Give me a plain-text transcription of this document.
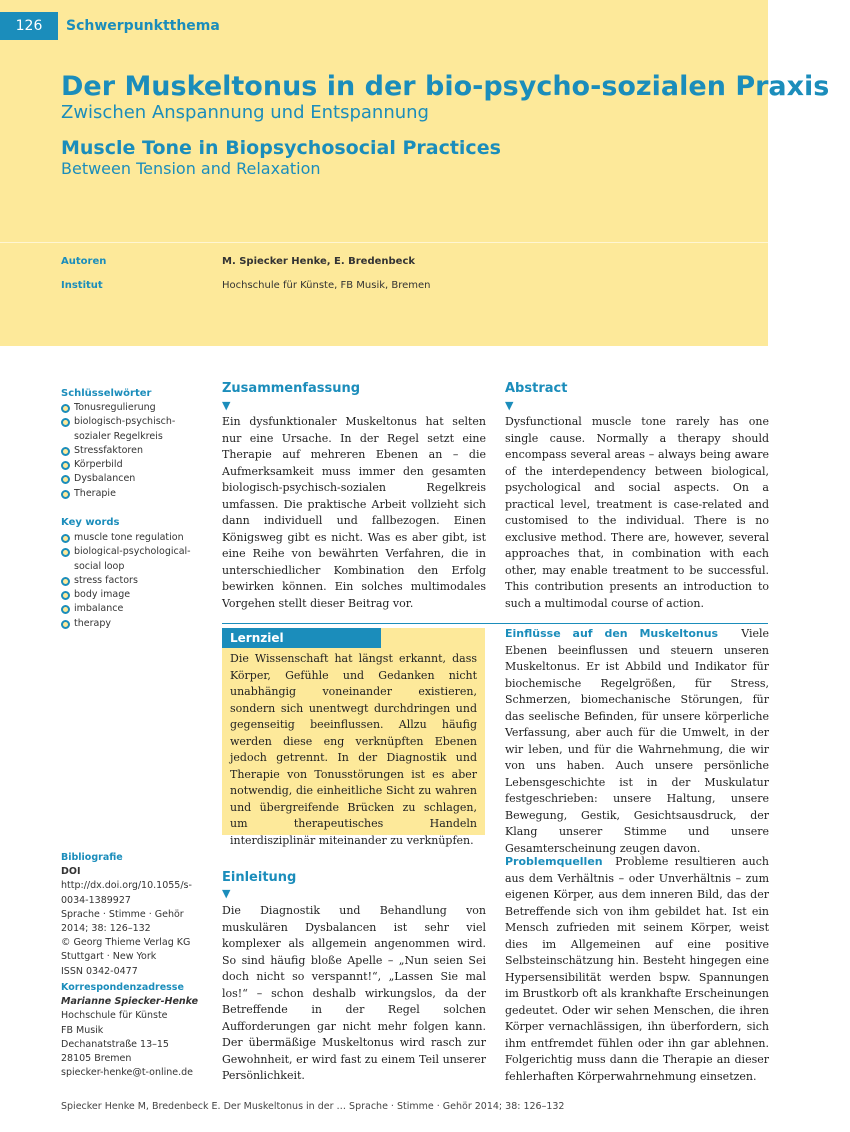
126	Schwerpunktthema
Der Muskeltonus in der bio-psycho-sozialen Praxis
Zwischen Anspannung und Entspannung
Muscle Tone in Biopsychosocial Practices
Between Tension and Relaxation
Autoren	M. Spiecker Henke, E. Bredenbeck
Institut	Hochschule für Künste, FB Musik, Bremen
Schlüsselwörter
Tonusregulierung
biologisch-psychisch-sozialer Regelkreis
Stressfaktoren
Körperbild
Dysbalancen
Therapie
Key words
muscle tone regulation
biological-psychological-social loop
stress factors
body image
imbalance
therapy

Bibliografie

DOI http://dx.doi.org/10.1055/s-0034-1389927

Sprache · Stimme · Gehör

2014; 38: 126–132

© Georg Thieme Verlag KG

Stuttgart · New York

ISSN 0342-0477

Korrespondenzadresse

Marianne Spiecker-Henke

Hochschule für Künste

FB Musik

Dechanatstraße 13–15

28105 Bremen

spiecker-henke@t-online.de

Zusammenfassung
▼

Ein dysfunktionaler Muskeltonus hat selten nur eine Ursache. In der Regel setzt eine Therapie auf mehreren Ebenen an – die Aufmerksamkeit muss immer den gesamten biologisch-psychisch-sozialen Regelkreis umfassen. Die praktische Arbeit vollzieht sich dann individuell und fallbezogen. Einen Königsweg gibt es nicht. Was es aber gibt, ist eine Reihe von bewährten Verfahren, die in unterschiedlicher Kombination den Erfolg bewirken können. Ein solches multimodales Vorgehen stellt dieser Beitrag vor.

Abstract
▼

Dysfunctional muscle tone rarely has one single cause. Normally a therapy should encompass several areas – always being aware of the interdependency between biological, psychological and social aspects. On a practical level, treatment is case-related and customised to the individual. There is no exclusive method. There are, however, several approaches that, in combination with each other, may enable treatment to be successful. This contribution presents an introduction to such a multimodal course of action.

Lernziel

Die Wissenschaft hat längst erkannt, dass Körper, Gefühle und Gedanken nicht unabhängig voneinander existieren, sondern sich unentwegt durchdringen und gegenseitig beeinflussen. Allzu häufig werden diese eng verknüpften Ebenen jedoch getrennt. In der Diagnostik und Therapie von Tonusstörungen ist es aber notwendig, die einheitliche Sicht zu wahren und übergreifende Brücken zu schlagen, um therapeutisches Handeln interdisziplinär miteinander zu verknüpfen.

Einleitung
▼

Die Diagnostik und Behandlung von muskulären Dysbalancen ist sehr viel komplexer als allgemein angenommen wird. So sind häufig bloße Apelle – „Nun seien Sei doch nicht so verspannt!“, „Lassen Sie mal los!“ – schon deshalb wirkungslos, da der Betreffende in der Regel solchen Aufforderungen gar nicht mehr folgen kann. Der übermäßige Muskeltonus wird rasch zur Gewohnheit, er wird fast zu einem Teil unserer Persönlichkeit.

Einflüsse auf den Muskeltonus Viele Ebenen beeinflussen und steuern unseren Muskeltonus. Er ist Abbild und Indikator für biochemische Regelgrößen, für Stress, Schmerzen, biomechanische Störungen, für das seelische Befinden, für unsere körperliche Verfassung, aber auch für die Umwelt, in der wir leben, und für die Wahrnehmung, die wir von uns haben. Auch unsere persönliche Lebensgeschichte ist in der Muskulatur festgeschrieben: unsere Haltung, unsere Bewegung, Gestik, Gesichtsausdruck, der Klang unserer Stimme und unsere Gesamterscheinung zeugen davon.

Problemquellen Probleme resultieren auch aus dem Verhältnis – oder Unverhältnis – zum eigenen Körper, aus dem inneren Bild, das der Betreffende sich von ihm gebildet hat. Ist ein Mensch zufrieden mit seinem Körper, weist dies im Allgemeinen auf eine positive Selbsteinschätzung hin. Besteht hingegen eine Hypersensibilität werden bspw. Spannungen im Brustkorb oft als krankhafte Erscheinungen gedeutet. Oder wir sehen Menschen, die ihren Körper vernachlässigen, ihn überfordern, sich ihm entfremdet fühlen oder ihn gar ablehnen. Folgerichtig muss dann die Therapie an dieser fehlerhaften Körperwahrnehmung einsetzen.

Spiecker Henke M, Bredenbeck E. Der Muskeltonus in der … Sprache · Stimme · Gehör 2014; 38: 126–132
